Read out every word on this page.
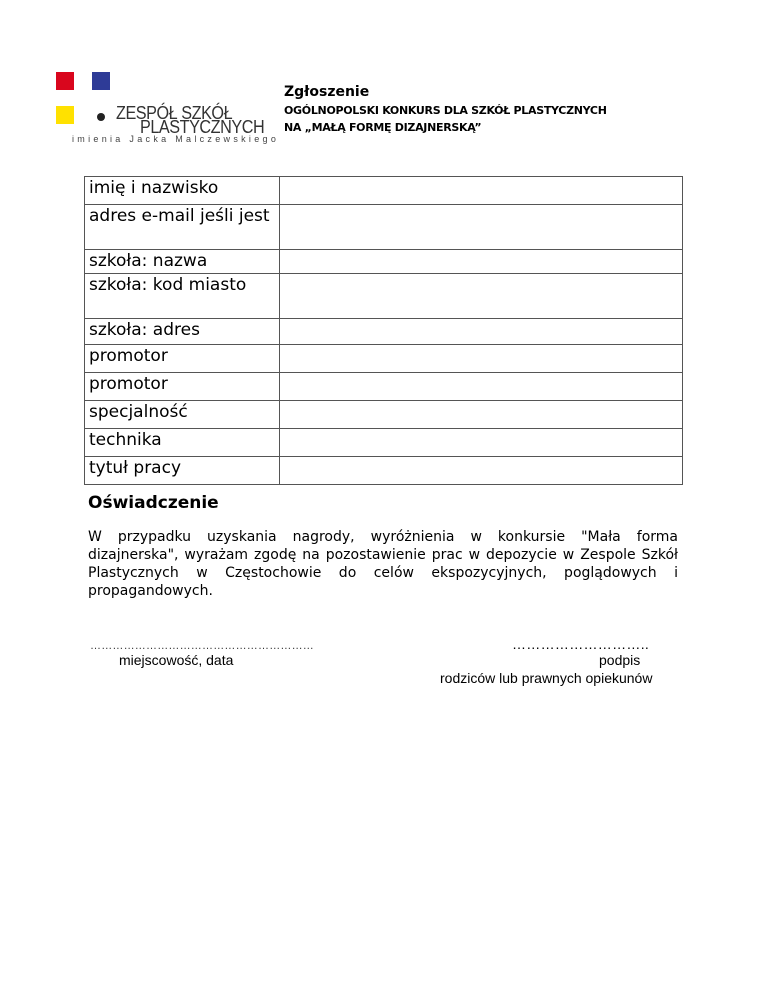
ZESPÓŁ SZKÓŁ
PLASTYCZNYCH
imienia Jacka Malczewskiego
Zgłoszenie
OGÓLNOPOLSKI KONKURS DLA SZKÓŁ PLASTYCZNYCH
NA „MAŁĄ FORMĘ DIZAJNERSKĄ”
imię i nazwisko	
adres e-mail jeśli jest	
szkoła: nazwa	
szkoła: kod miasto	
szkoła: adres	
promotor	
promotor	
specjalność	
technika	
tytuł pracy	
Oświadczenie
W przypadku uzyskania nagrody, wyróżnienia w konkursie "Mała forma dizajnerska", wyrażam zgodę na pozostawienie prac w depozycie w Zespole Szkół Plastycznych w Częstochowie do celów ekspozycyjnych, poglądowych i propagandowych.
……………………………………………………
miejscowość, data
………………………..
podpis
rodziców lub prawnych opiekunów
